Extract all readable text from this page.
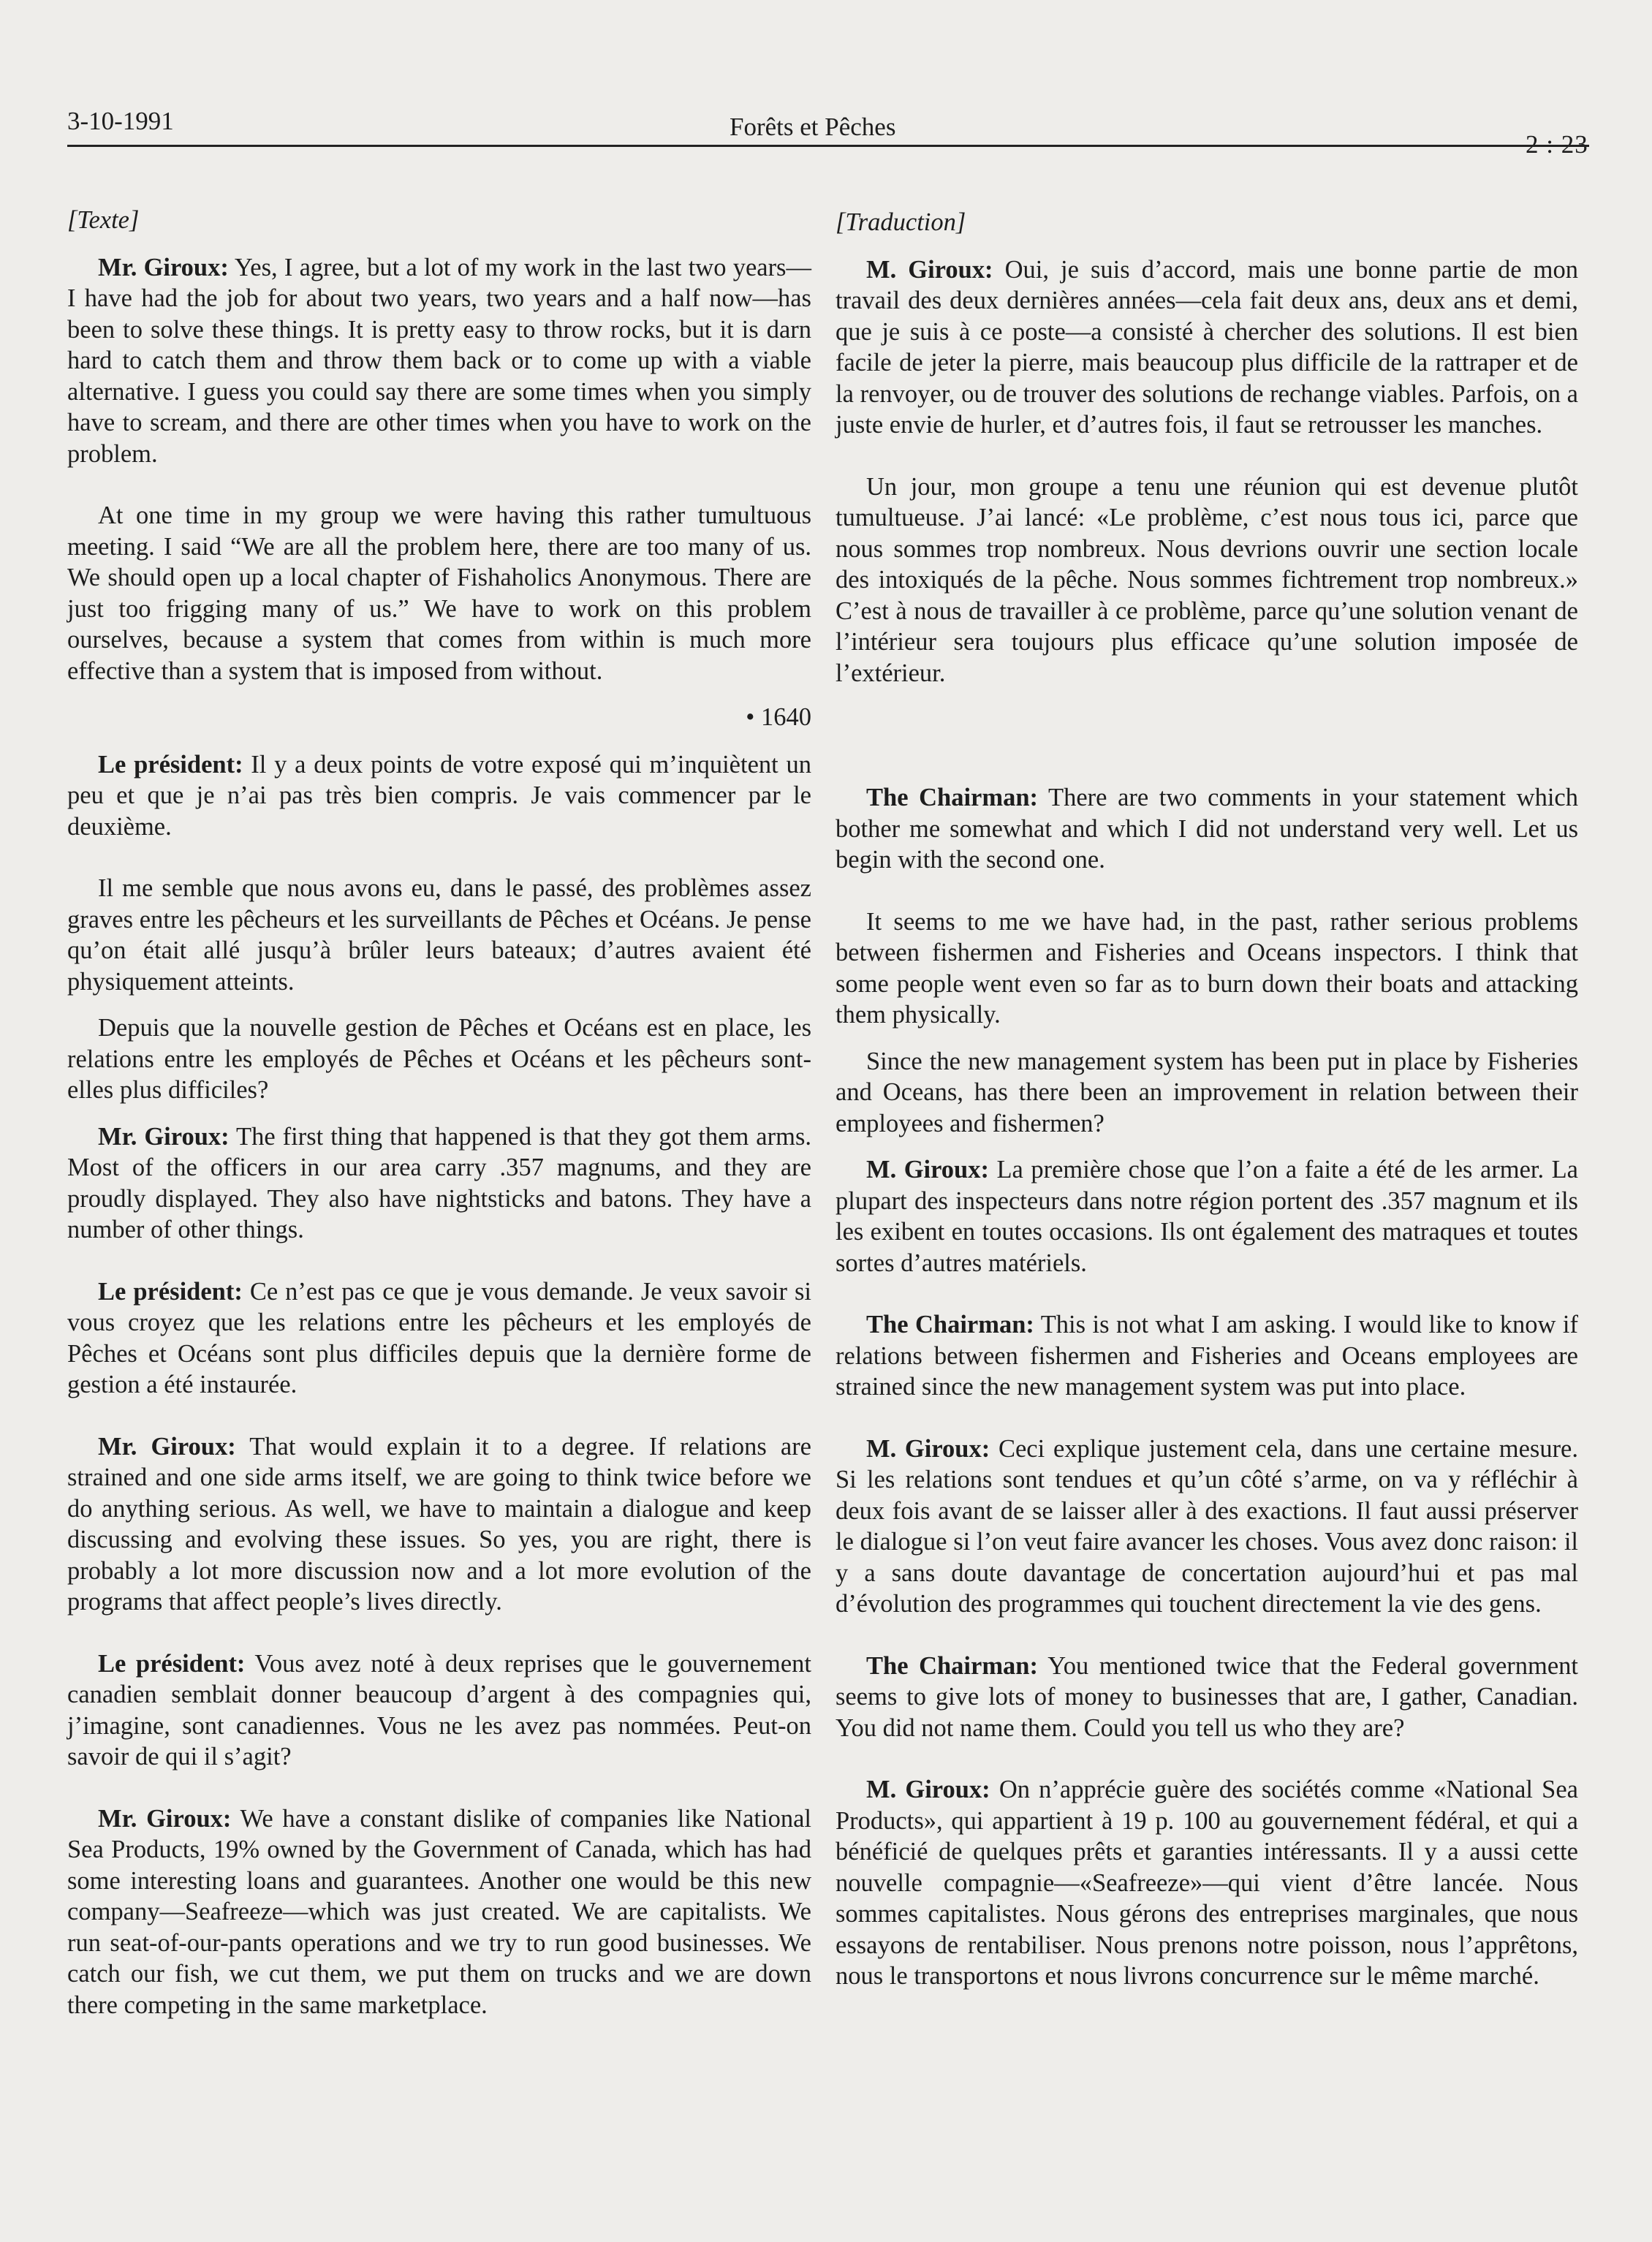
3-10-1991	Forêts et Pêches
2 : 23

[Texte]

Mr. Giroux: Yes, I agree, but a lot of my work in the last two years—I have had the job for about two years, two years and a half now—has been to solve these things. It is pretty easy to throw rocks, but it is darn hard to catch them and throw them back or to come up with a viable alternative. I guess you could say there are some times when you simply have to scream, and there are other times when you have to work on the problem.

At one time in my group we were having this rather tumultuous meeting. I said “We are all the problem here, there are too many of us. We should open up a local chapter of Fishaholics Anonymous. There are just too frigging many of us.” We have to work on this problem ourselves, because a system that comes from within is much more effective than a system that is imposed from without.

• 1640

Le président: Il y a deux points de votre exposé qui m’inquiètent un peu et que je n’ai pas très bien compris. Je vais commencer par le deuxième.

Il me semble que nous avons eu, dans le passé, des problèmes assez graves entre les pêcheurs et les surveillants de Pêches et Océans. Je pense qu’on était allé jusqu’à brûler leurs bateaux; d’autres avaient été physiquement atteints.

Depuis que la nouvelle gestion de Pêches et Océans est en place, les relations entre les employés de Pêches et Océans et les pêcheurs sont-elles plus difficiles?

Mr. Giroux: The first thing that happened is that they got them arms. Most of the officers in our area carry .357 magnums, and they are proudly displayed. They also have nightsticks and batons. They have a number of other things.

Le président: Ce n’est pas ce que je vous demande. Je veux savoir si vous croyez que les relations entre les pêcheurs et les employés de Pêches et Océans sont plus difficiles depuis que la dernière forme de gestion a été instaurée.

Mr. Giroux: That would explain it to a degree. If relations are strained and one side arms itself, we are going to think twice before we do anything serious. As well, we have to maintain a dialogue and keep discussing and evolving these issues. So yes, you are right, there is probably a lot more discussion now and a lot more evolution of the programs that affect people’s lives directly.

Le président: Vous avez noté à deux reprises que le gouvernement canadien semblait donner beaucoup d’argent à des compagnies qui, j’imagine, sont canadiennes. Vous ne les avez pas nommées. Peut-on savoir de qui il s’agit?

Mr. Giroux: We have a constant dislike of companies like National Sea Products, 19% owned by the Government of Canada, which has had some interesting loans and guarantees. Another one would be this new company—Seafreeze—which was just created. We are capitalists. We run seat-of-our-pants operations and we try to run good businesses. We catch our fish, we cut them, we put them on trucks and we are down there competing in the same marketplace.

[Traduction]

M. Giroux: Oui, je suis d’accord, mais une bonne partie de mon travail des deux dernières années—cela fait deux ans, deux ans et demi, que je suis à ce poste—a consisté à chercher des solutions. Il est bien facile de jeter la pierre, mais beaucoup plus difficile de la rattraper et de la renvoyer, ou de trouver des solutions de rechange viables. Parfois, on a juste envie de hurler, et d’autres fois, il faut se retrousser les manches.

Un jour, mon groupe a tenu une réunion qui est devenue plutôt tumultueuse. J’ai lancé: «Le problème, c’est nous tous ici, parce que nous sommes trop nombreux. Nous devrions ouvrir une section locale des intoxiqués de la pêche. Nous sommes fichtrement trop nombreux.» C’est à nous de travailler à ce problème, parce qu’une solution venant de l’intérieur sera toujours plus efficace qu’une solution imposée de l’extérieur.

The Chairman: There are two comments in your statement which bother me somewhat and which I did not understand very well. Let us begin with the second one.

It seems to me we have had, in the past, rather serious problems between fishermen and Fisheries and Oceans inspectors. I think that some people went even so far as to burn down their boats and attacking them physically.

Since the new management system has been put in place by Fisheries and Oceans, has there been an improvement in relation between their employees and fishermen?

M. Giroux: La première chose que l’on a faite a été de les armer. La plupart des inspecteurs dans notre région portent des .357 magnum et ils les exibent en toutes occasions. Ils ont également des matraques et toutes sortes d’autres matériels.

The Chairman: This is not what I am asking. I would like to know if relations between fishermen and Fisheries and Oceans employees are strained since the new management system was put into place.

M. Giroux: Ceci explique justement cela, dans une certaine mesure. Si les relations sont tendues et qu’un côté s’arme, on va y réfléchir à deux fois avant de se laisser aller à des exactions. Il faut aussi préserver le dialogue si l’on veut faire avancer les choses. Vous avez donc raison: il y a sans doute davantage de concertation aujourd’hui et pas mal d’évolution des programmes qui touchent directement la vie des gens.

The Chairman: You mentioned twice that the Federal government seems to give lots of money to businesses that are, I gather, Canadian. You did not name them. Could you tell us who they are?

M. Giroux: On n’apprécie guère des sociétés comme «National Sea Products», qui appartient à 19 p. 100 au gouvernement fédéral, et qui a bénéficié de quelques prêts et garanties intéressants. Il y a aussi cette nouvelle compagnie—«Seafreeze»—qui vient d’être lancée. Nous sommes capitalistes. Nous gérons des entreprises marginales, que nous essayons de rentabiliser. Nous prenons notre poisson, nous l’apprêtons, nous le transportons et nous livrons concurrence sur le même marché.
